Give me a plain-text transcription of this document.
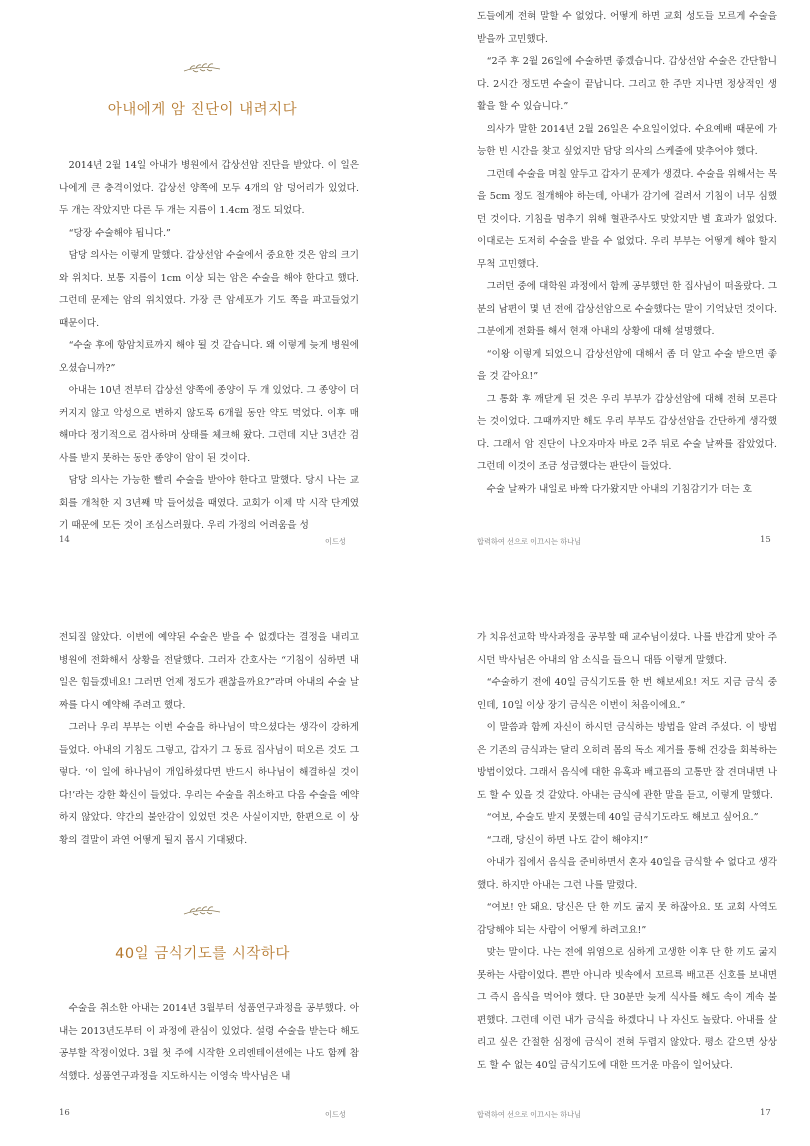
아내에게 암 진단이 내려지다

2014년 2월 14일 아내가 병원에서 갑상선암 진단을 받았다. 이 일은 나에게 큰 충격이었다. 갑상선 양쪽에 모두 4개의 암 덩어리가 있었다. 두 개는 작았지만 다른 두 개는 지름이 1.4cm 정도 되었다.

“당장 수술해야 됩니다.”

담당 의사는 이렇게 말했다. 갑상선암 수술에서 중요한 것은 암의 크기와 위치다. 보통 지름이 1cm 이상 되는 암은 수술을 해야 한다고 했다. 그런데 문제는 암의 위치였다. 가장 큰 암세포가 기도 쪽을 파고들었기 때문이다.

“수술 후에 항암치료까지 해야 될 것 같습니다. 왜 이렇게 늦게 병원에 오셨습니까?”

아내는 10년 전부터 갑상선 양쪽에 종양이 두 개 있었다. 그 종양이 더 커지지 않고 악성으로 변하지 않도록 6개월 동안 약도 먹었다. 이후 매 해마다 정기적으로 검사하며 상태를 체크해 왔다. 그런데 지난 3년간 검사를 받지 못하는 동안 종양이 암이 된 것이다.

담당 의사는 가능한 빨리 수술을 받아야 한다고 말했다. 당시 나는 교회를 개척한 지 3년째 막 들어섰을 때였다. 교회가 이제 막 시작 단계였기 때문에 모든 것이 조심스러웠다. 우리 가정의 어려움을 성

14	이드성

도들에게 전혀 말할 수 없었다. 어떻게 하면 교회 성도들 모르게 수술을 받을까 고민했다.

“2주 후 2월 26일에 수술하면 좋겠습니다. 갑상선암 수술은 간단합니다. 2시간 정도면 수술이 끝납니다. 그리고 한 주만 지나면 정상적인 생활을 할 수 있습니다.”

의사가 말한 2014년 2월 26일은 수요일이었다. 수요예배 때문에 가능한 빈 시간을 찾고 싶었지만 담당 의사의 스케줄에 맞추어야 했다.

그런데 수술을 며칠 앞두고 갑자기 문제가 생겼다. 수술을 위해서는 목을 5cm 정도 절개해야 하는데, 아내가 감기에 걸려서 기침이 너무 심했던 것이다. 기침을 멈추기 위해 혈관주사도 맞았지만 별 효과가 없었다. 이대로는 도저히 수술을 받을 수 없었다. 우리 부부는 어떻게 해야 할지 무척 고민했다.

그러던 중에 대학원 과정에서 함께 공부했던 한 집사님이 떠올랐다. 그분의 남편이 몇 년 전에 갑상선암으로 수술했다는 말이 기억났던 것이다. 그분에게 전화를 해서 현재 아내의 상황에 대해 설명했다.

“이왕 이렇게 되었으니 갑상선암에 대해서 좀 더 알고 수술 받으면 좋을 것 같아요!”

그 통화 후 깨닫게 된 것은 우리 부부가 갑상선암에 대해 전혀 모른다는 것이었다. 그때까지만 해도 우리 부부도 갑상선암을 간단하게 생각했다. 그래서 암 진단이 나오자마자 바로 2주 뒤로 수술 날짜를 잡았었다. 그런데 이것이 조금 성급했다는 판단이 들었다.

수술 날짜가 내일로 바짝 다가왔지만 아내의 기침감기가 더는 호

합력하여 선으로 이끄시는 하나님	15

전되질 않았다. 이번에 예약된 수술은 받을 수 없겠다는 결정을 내리고 병원에 전화해서 상황을 전달했다. 그러자 간호사는 “기침이 심하면 내일은 힘들겠네요! 그러면 언제 정도가 괜찮을까요?”라며 아내의 수술 날짜를 다시 예약해 주려고 했다.

그러나 우리 부부는 이번 수술을 하나님이 막으셨다는 생각이 강하게 들었다. 아내의 기침도 그렇고, 갑자기 그 동료 집사님이 떠오른 것도 그렇다. ‘이 일에 하나님이 개입하셨다면 반드시 하나님이 해결하실 것이다!’라는 강한 확신이 들었다. 우리는 수술을 취소하고 다음 수술을 예약하지 않았다. 약간의 불안감이 있었던 것은 사실이지만, 한편으로 이 상황의 결말이 과연 어떻게 될지 몹시 기대됐다.

40일 금식기도를 시작하다

수술을 취소한 아내는 2014년 3월부터 성품연구과정을 공부했다. 아내는 2013년도부터 이 과정에 관심이 있었다. 설령 수술을 받는다 해도 공부할 작정이었다. 3월 첫 주에 시작한 오리엔테이션에는 나도 함께 참석했다. 성품연구과정을 지도하시는 이영숙 박사님은 내

16	이드성

가 치유선교학 박사과정을 공부할 때 교수님이셨다. 나를 반갑게 맞아 주시던 박사님은 아내의 암 소식을 들으니 대뜸 이렇게 말했다.

“수술하기 전에 40일 금식기도를 한 번 해보세요! 저도 지금 금식 중인데, 10일 이상 장기 금식은 이번이 처음이에요.”

이 말씀과 함께 자신이 하시던 금식하는 방법을 알려 주셨다. 이 방법은 기존의 금식과는 달리 오히려 몸의 독소 제거를 통해 건강을 회복하는 방법이었다. 그래서 음식에 대한 유혹과 배고픔의 고통만 잘 견뎌내면 나도 할 수 있을 것 같았다. 아내는 금식에 관한 말을 듣고, 이렇게 말했다.

“여보, 수술도 받지 못했는데 40일 금식기도라도 해보고 싶어요.”

“그래, 당신이 하면 나도 같이 해야지!”

아내가 집에서 음식을 준비하면서 혼자 40일을 금식할 수 없다고 생각했다. 하지만 아내는 그런 나를 말렸다.

“여보! 안 돼요. 당신은 단 한 끼도 굶지 못 하잖아요. 또 교회 사역도 감당해야 되는 사람이 어떻게 하려고요!”

맞는 말이다. 나는 전에 위염으로 심하게 고생한 이후 단 한 끼도 굶지 못하는 사람이었다. 쁜만 아니라 빗속에서 꼬르륵 배고픈 신호를 보내면 그 즉시 음식을 먹어야 했다. 단 30분만 늦게 식사를 해도 속이 계속 불편했다. 그런데 이런 내가 금식을 하겠다니 나 자신도 놀랐다. 아내를 살리고 싶은 간절한 심정에 금식이 전혀 두렵지 않았다. 평소 같으면 상상도 할 수 없는 40일 금식기도에 대한 뜨거운 마음이 일어났다.

합력하여 선으로 이끄시는 하나님	17
